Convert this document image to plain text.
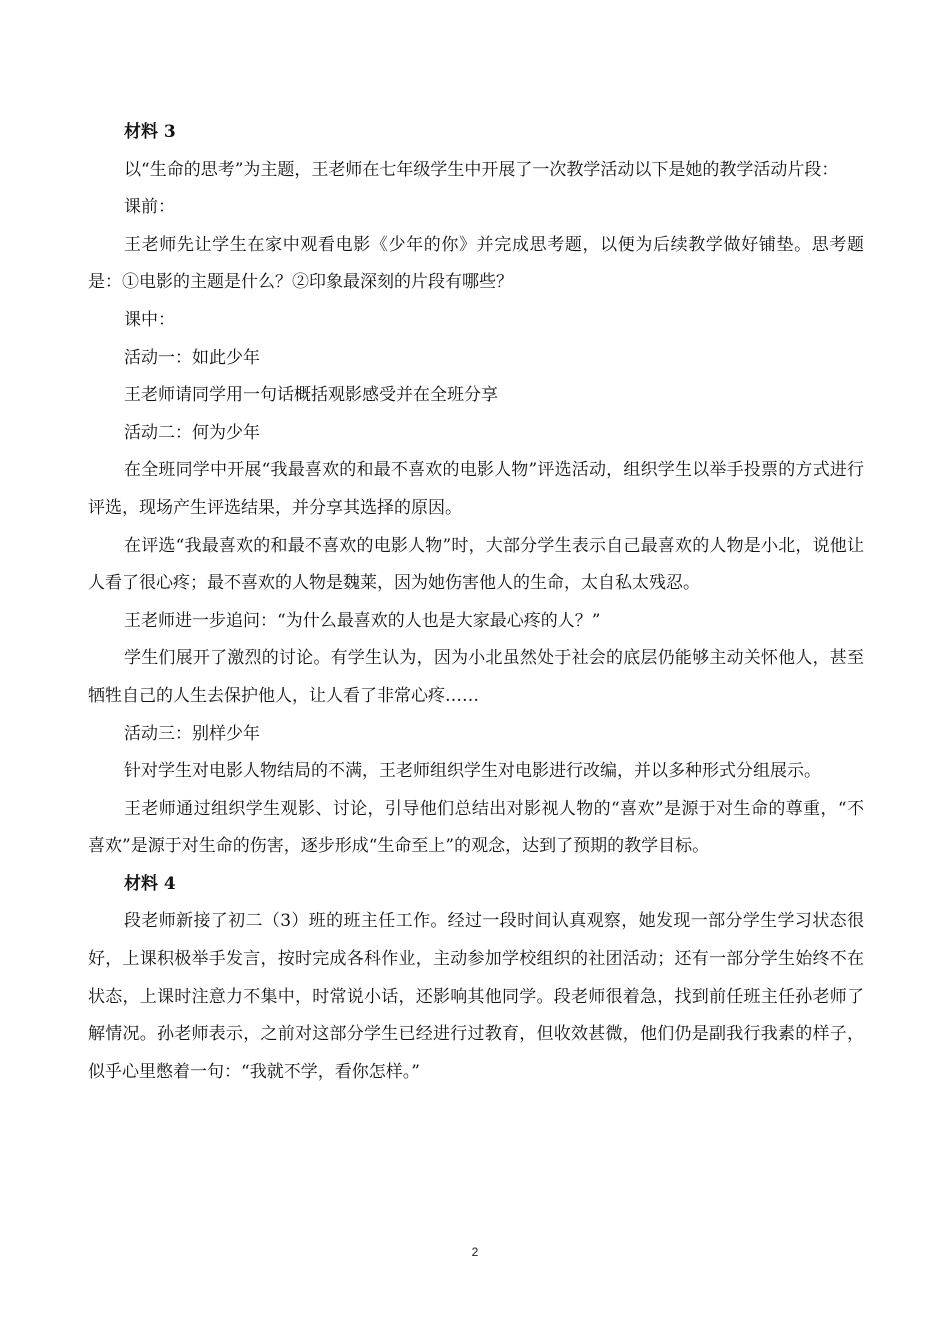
材料 3

以“生命的思考”为主题，王老师在七年级学生中开展了一次教学活动以下是她的教学活动片段：

课前：

王老师先让学生在家中观看电影《少年的你》并完成思考题，以便为后续教学做好铺垫。思考题是：①电影的主题是什么？②印象最深刻的片段有哪些？

课中：

活动一：如此少年

王老师请同学用一句话概括观影感受并在全班分享

活动二：何为少年

在全班同学中开展“我最喜欢的和最不喜欢的电影人物”评选活动，组织学生以举手投票的方式进行评选，现场产生评选结果，并分享其选择的原因。

在评选“我最喜欢的和最不喜欢的电影人物”时，大部分学生表示自己最喜欢的人物是小北，说他让人看了很心疼；最不喜欢的人物是魏莱，因为她伤害他人的生命，太自私太残忍。

王老师进一步追问：“为什么最喜欢的人也是大家最心疼的人？”

学生们展开了激烈的讨论。有学生认为，因为小北虽然处于社会的底层仍能够主动关怀他人，甚至牺牲自己的人生去保护他人，让人看了非常心疼……

活动三：别样少年

针对学生对电影人物结局的不满，王老师组织学生对电影进行改编，并以多种形式分组展示。

王老师通过组织学生观影、讨论，引导他们总结出对影视人物的“喜欢”是源于对生命的尊重，“不喜欢”是源于对生命的伤害，逐步形成“生命至上”的观念，达到了预期的教学目标。

材料 4

段老师新接了初二（3）班的班主任工作。经过一段时间认真观察，她发现一部分学生学习状态很好，上课积极举手发言，按时完成各科作业，主动参加学校组织的社团活动；还有一部分学生始终不在状态，上课时注意力不集中，时常说小话，还影响其他同学。段老师很着急，找到前任班主任孙老师了解情况。孙老师表示，之前对这部分学生已经进行过教育，但收效甚微，他们仍是副我行我素的样子，似乎心里憋着一句：“我就不学，看你怎样。”

2
